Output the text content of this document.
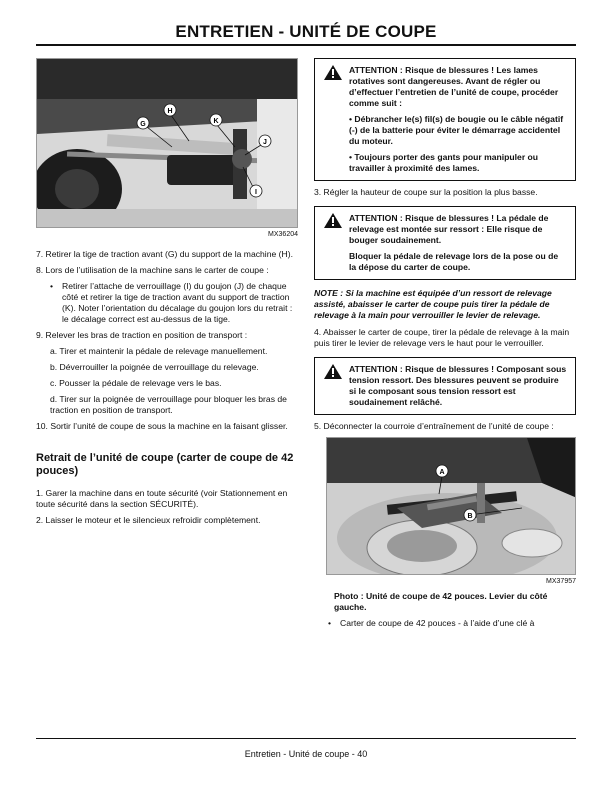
ENTRETIEN - UNITÉ DE COUPE
G
H
K
J
I
MX36204
7. Retirer la tige de traction avant (G) du support de la machine (H).
8. Lors de l’utilisation de la machine sans le carter de coupe :
• Retirer l’attache de verrouillage (I) du goujon (J) de chaque côté et retirer la tige de traction avant du support de traction (K). Noter l’orientation du décalage du goujon lors du retrait : le décalage correct est au-dessus de la tige.
9. Relever les bras de traction en position de transport :
a. Tirer et maintenir la pédale de relevage manuellement.
b. Déverrouiller la poignée de verrouillage du relevage.
c. Pousser la pédale de relevage vers le bas.
d. Tirer sur la poignée de verrouillage pour bloquer les bras de traction en position de transport.
10. Sortir l’unité de coupe de sous la machine en la faisant glisser.
Retrait de l’unité de coupe (carter de coupe de 42 pouces)
1. Garer la machine dans en toute sécurité (voir Stationnement en toute sécurité dans la section SÉCURITÉ).
2. Laisser le moteur et le silencieux refroidir complètement.
ATTENTION : Risque de blessures ! Les lames rotatives sont dangereuses. Avant de régler ou d’effectuer l’entretien de l’unité de coupe, procéder comme suit :
• Débrancher le(s) fil(s) de bougie ou le câble négatif (-) de la batterie pour éviter le démarrage accidentel du moteur.
• Toujours porter des gants pour manipuler ou travailler à proximité des lames.
3. Régler la hauteur de coupe sur la position la plus basse.
ATTENTION : Risque de blessures ! La pédale de relevage est montée sur ressort : Elle risque de bouger soudainement.
Bloquer la pédale de relevage lors de la pose ou de la dépose du carter de coupe.
NOTE : Si la machine est équipée d’un ressort de relevage assisté, abaisser le carter de coupe puis tirer la pédale de relevage à la main pour verrouiller le levier de relevage.
4. Abaisser le carter de coupe, tirer la pédale de relevage à la main puis tirer le levier de relevage vers le haut pour le verrouiller.
ATTENTION : Risque de blessures ! Composant sous tension ressort. Des blessures peuvent se produire si le composant sous tension ressort est soudainement relâché.
5. Déconnecter la courroie d’entraînement de l’unité de coupe :
A
B
MX37957
Photo : Unité de coupe de 42 pouces. Levier du côté gauche.
• Carter de coupe de 42 pouces - à l’aide d’une clé à
Entretien - Unité de coupe - 40
